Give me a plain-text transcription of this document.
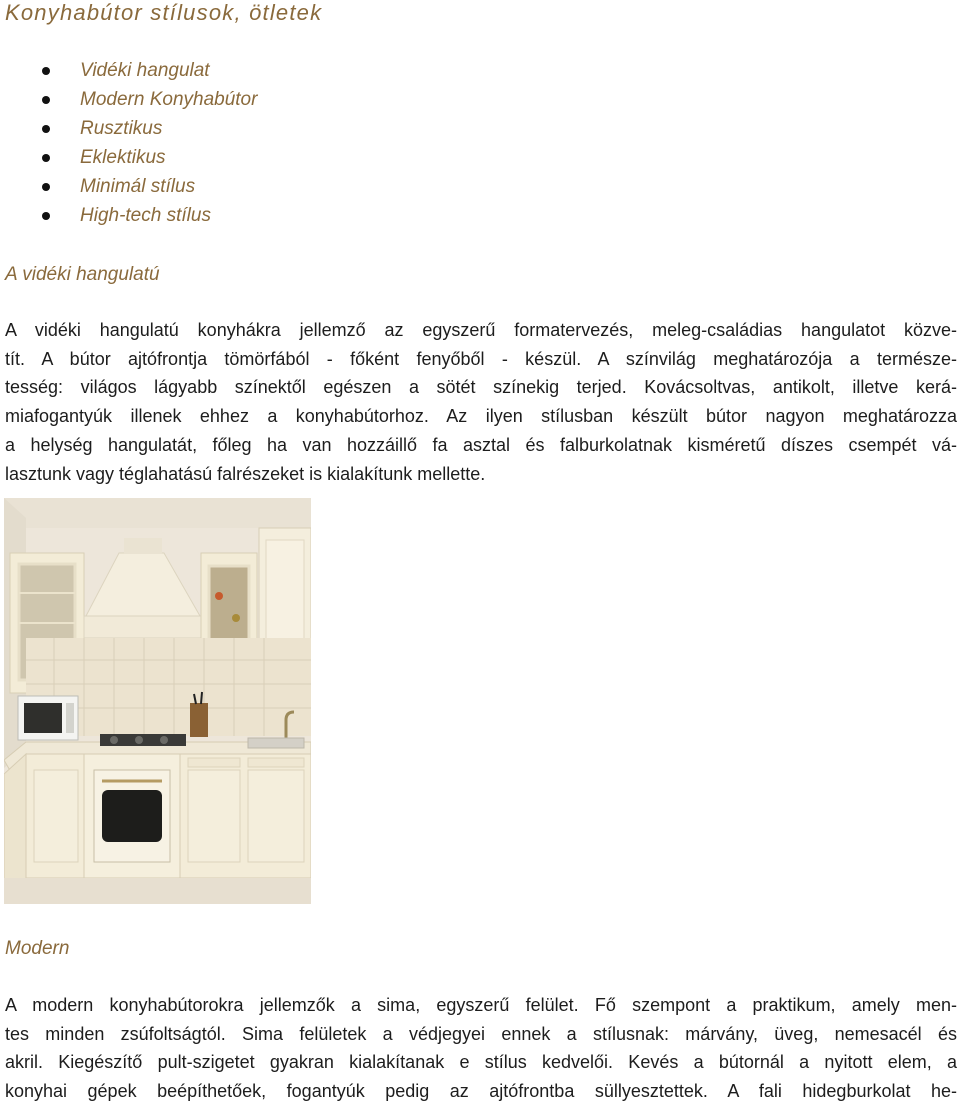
Konyhabútor stílusok, ötletek
Vidéki hangulat
Modern Konyhabútor
Rusztikus
Eklektikus
Minimál stílus
High-tech stílus
A vidéki hangulatú

A vidéki hangulatú konyhákra jellemző az egyszerű formatervezés, meleg-családias hangulatot közve-
tít. A bútor ajtófrontja tömörfából - főként fenyőből - készül. A színvilág meghatározója a természe-
tesség: világos lágyabb színektől egészen a sötét színekig terjed. Kovácsoltvas, antikolt, illetve kerá-
miafogantyúk illenek ehhez a konyhabútorhoz. Az ilyen stílusban készült bútor nagyon meghatározza
a helység hangulatát, főleg ha van hozzáillő fa asztal és falburkolatnak kisméretű díszes csempét vá-
lasztunk vagy téglahatású falrészeket is kialakítunk mellette.

Modern

A modern konyhabútorokra jellemzők a sima, egyszerű felület. Fő szempont a praktikum, amely men-
tes minden zsúfoltságtól. Sima felületek a védjegyei ennek a stílusnak: márvány, üveg, nemesacél és
akril. Kiegészítő pult-szigetet gyakran kialakítanak e stílus kedvelői. Kevés a bútornál a nyitott elem, a
konyhai gépek beépíthetőek, fogantyúk pedig az ajtófrontba süllyesztettek. A fali hidegburkolat he-
